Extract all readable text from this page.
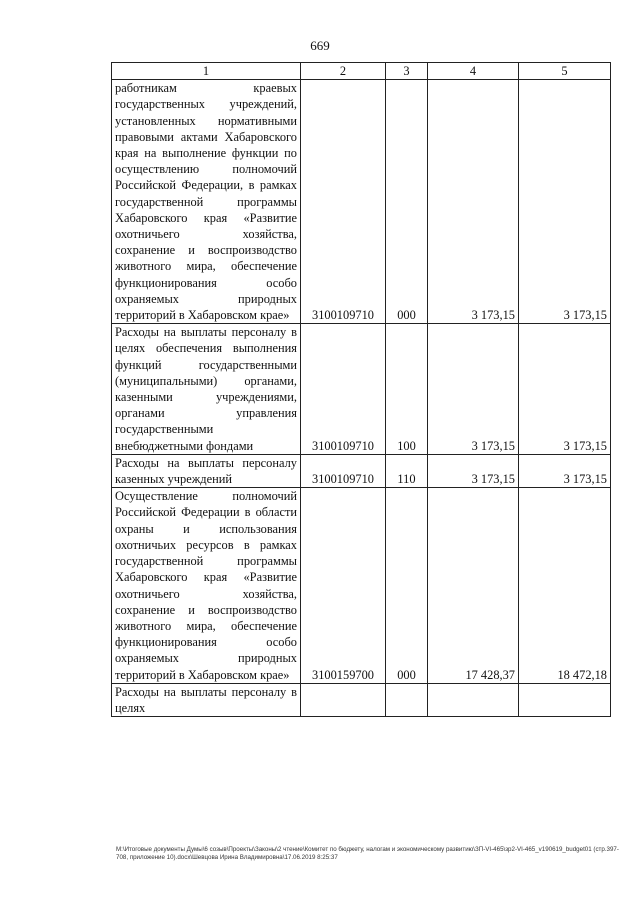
669
1	2	3	4	5
работникам краевых государственных учреждений, установленных нормативными правовыми актами Хабаровского края на выполнение функции по осуществлению полномочий Российской Федерации, в рамках государственной программы Хабаровского края «Развитие охотничьего хозяйства, сохранение и воспроизводство животного мира, обеспечение функционирования особо охраняемых природных территорий в Хабаровском крае»	3100109710	000	3 173,15	3 173,15
Расходы на выплаты персоналу в целях обеспечения выполнения функций государственными (муниципальными) органами, казенными учреждениями, органами управления государственными внебюджетными фондами	3100109710	100	3 173,15	3 173,15
Расходы на выплаты персоналу казенных учреждений	3100109710	110	3 173,15	3 173,15
Осуществление полномочий Российской Федерации в области охраны и использования охотничьих ресурсов в рамках государственной программы Хабаровского края «Развитие охотничьего хозяйства, сохранение и воспроизводство животного мира, обеспечение функционирования особо охраняемых природных территорий в Хабаровском крае»	3100159700	000	17 428,37	18 472,18
Расходы на выплаты персоналу в целях				
M:\Итоговые документы Думы\6 созыв\Проекты\Законы\2 чтение\Комитет по бюджету, налогам и экономическому развитию\ЗП-VI-465\зр2-VI-465_v190619_budget01 (стр.397-708, приложение 10).docx\Шевцова Ирина Владимировна\17.06.2019 8:25:37
